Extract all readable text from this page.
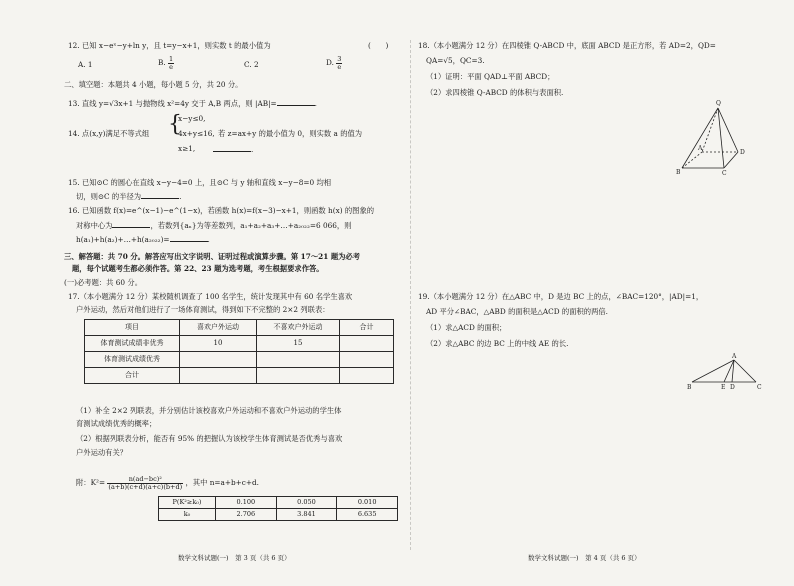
12. 已知 x−eˣ−y+ln y，且 t=y−x+1，则实数 t 的最小值为	(　　)
A. 1	B. $\frac{1}{e}$	C. 2	D. $\frac{3}{e}$
二、填空题：本题共 4 小题，每小题 5 分，共 20 分。
13. 直线 y=√3x+1 与抛物线 x²=4y 交于 A,B 两点，则 |AB|=	.
14. 点(x,y)满足不等式组 {
x−y≤0,
4x+y≤16,
x≥1,
若 z=ax+y 的最小值为 0，则实数 a 的值为
.
15. 已知⊙C 的圆心在直线 x−y−4=0 上，且⊙C 与 y 轴和直线 x−y−8=0 均相
切，则⊙C 的半径为	.
16. 已知函数 f(x)=e^(x−1)−e^(1−x)，若函数 h(x)=f(x−3)−x+1，则函数 h(x) 的图象的
对称中心为	，若数列{aₙ}为等差数列，a₁+a₂+a₃+…+a₂₀₂₂=6 066，则
h(a₁)+h(a₂)+…+h(a₂₀₂₂)=	.
三、解答题：共 70 分。解答应写出文字说明、证明过程或演算步骤。第 17～21 题为必考
题，每个试题考生都必须作答。第 22、23 题为选考题，考生根据要求作答。
(一)必考题：共 60 分。
17.（本小题满分 12 分）某校随机调查了 100 名学生，统计发现其中有 60 名学生喜欢
户外运动，然后对他们进行了一场体育测试，得到如下不完整的 2×2 列联表：
项目	喜欢户外运动	不喜欢户外运动	合计
体育测试成绩非优秀	10	15	
体育测试成绩优秀			
合计			
（1）补全 2×2 列联表，并分别估计该校喜欢户外运动和不喜欢户外运动的学生体
育测试成绩优秀的概率；
（2）根据列联表分析，能否有 95% 的把握认为该校学生体育测试是否优秀与喜欢
户外运动有关？
附：$K^2= \frac{\text{n(ad−bc)²}}{(a+b)(c+d)(a+c)(b+d)}$ ，其中 n=a+b+c+d.
P(K²≥k₀)	0.100	0.050	0.010
k₀	2.706	3.841	6.635
数学文科试题(一)　第 3 页（共 6 页）
18.（本小题满分 12 分）在四棱锥 Q-ABCD 中，底面 ABCD 是正方形，若 AD=2，QD=
QA=√5，QC=3.
（1）证明：平面 QAD⊥平面 ABCD；
（2）求四棱锥 Q-ABCD 的体积与表面积.
19.（本小题满分 12 分）在△ABC 中，D 是边 BC 上的点，∠BAC=120°，|AD|=1，
AD 平分∠BAC，△ABD 的面积是△ACD 的面积的两倍.
（1）求△ACD 的面积；
（2）求△ABC 的边 BC 上的中线 AE 的长.
Q
D
A
B	C
A
B	E D	C
数学文科试题(一)　第 4 页（共 6 页）
